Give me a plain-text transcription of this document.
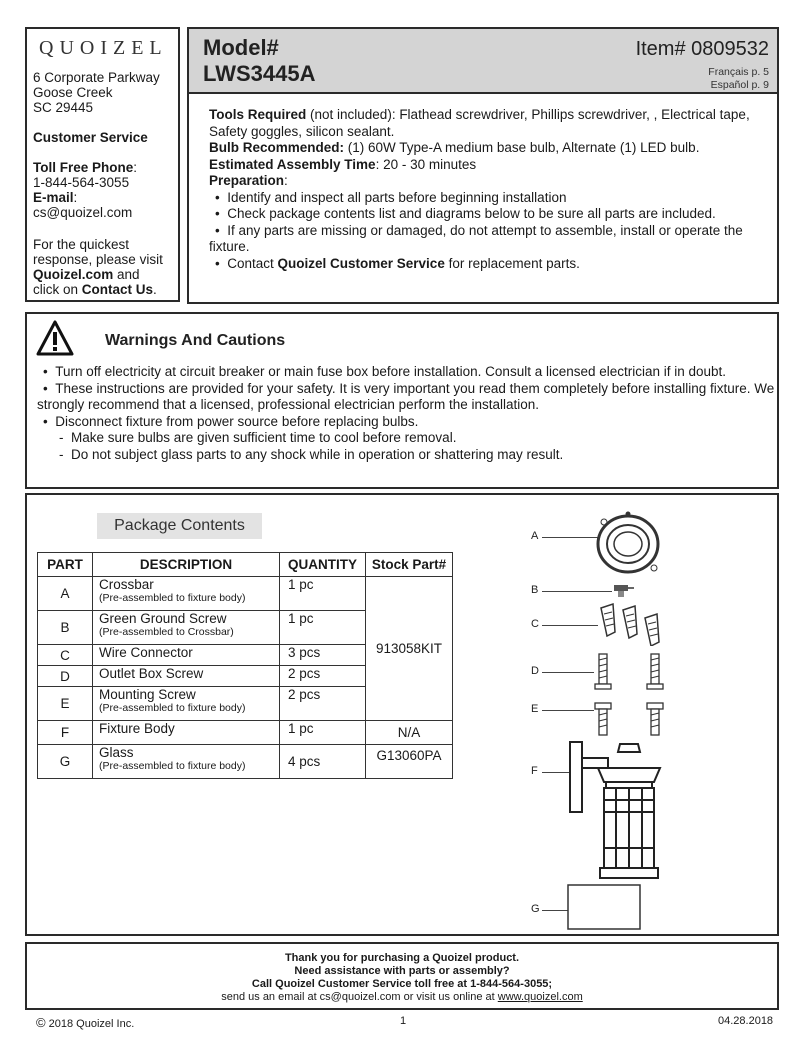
QUOIZEL
6 Corporate Parkway
Goose Creek
SC 29445
Customer Service
Toll Free Phone:
1-844-564-3055
E-mail:
cs@quoizel.com
For the quickest
response, please visit
Quoizel.com and
click on Contact Us.
Model#
LWS3445A
Item# 0809532
Français p. 5
Español p. 9
Tools Required (not included): Flathead screwdriver, Phillips screwdriver, , Electrical tape, Safety goggles, silicon sealant.
Bulb Recommended: (1) 60W Type-A medium base bulb, Alternate (1) LED bulb.
Estimated Assembly Time: 20 - 30 minutes
Preparation:
•  Identify and inspect all parts before beginning installation
•  Check package contents list and diagrams below to be sure all parts are included.
•  If any parts are missing or damaged, do not attempt to assemble, install or operate the fixture.
•  Contact Quoizel Customer Service for replacement parts.
Warnings And Cautions
•  Turn off electricity at circuit breaker or main fuse box before installation. Consult a licensed electrician if in doubt.
•  These instructions are provided for your safety. It is very important you read them completely before installing fixture. We strongly recommend that a licensed, professional electrician perform the installation.
•  Disconnect fixture from power source before replacing bulbs.
-  Make sure bulbs are given sufficient time to cool before removal.
-  Do not subject glass parts to any shock while in operation or shattering may result.
Package Contents
PART	DESCRIPTION	QUANTITY	Stock Part#
A	Crossbar
(Pre-assembled to fixture body)	1 pc	913058KIT
B	Green Ground Screw
(Pre-assembled to Crossbar)	1 pc	
C	Wire Connector	3 pcs	
D	Outlet Box Screw	2 pcs	
E	Mounting Screw
(Pre-assembled to fixture body)	2 pcs	
F	Fixture Body	1 pc	N/A
G	Glass
(Pre-assembled to fixture body)	4 pcs	G13060PA
A
B
C
D
E
F
G
Thank you for purchasing a Quoizel product.
Need assistance with parts or assembly?
Call Quoizel Customer Service toll free at 1-844-564-3055;
send us an email at cs@quoizel.com or visit us online at www.quoizel.com
© 2018 Quoizel Inc.	1	04.28.2018
